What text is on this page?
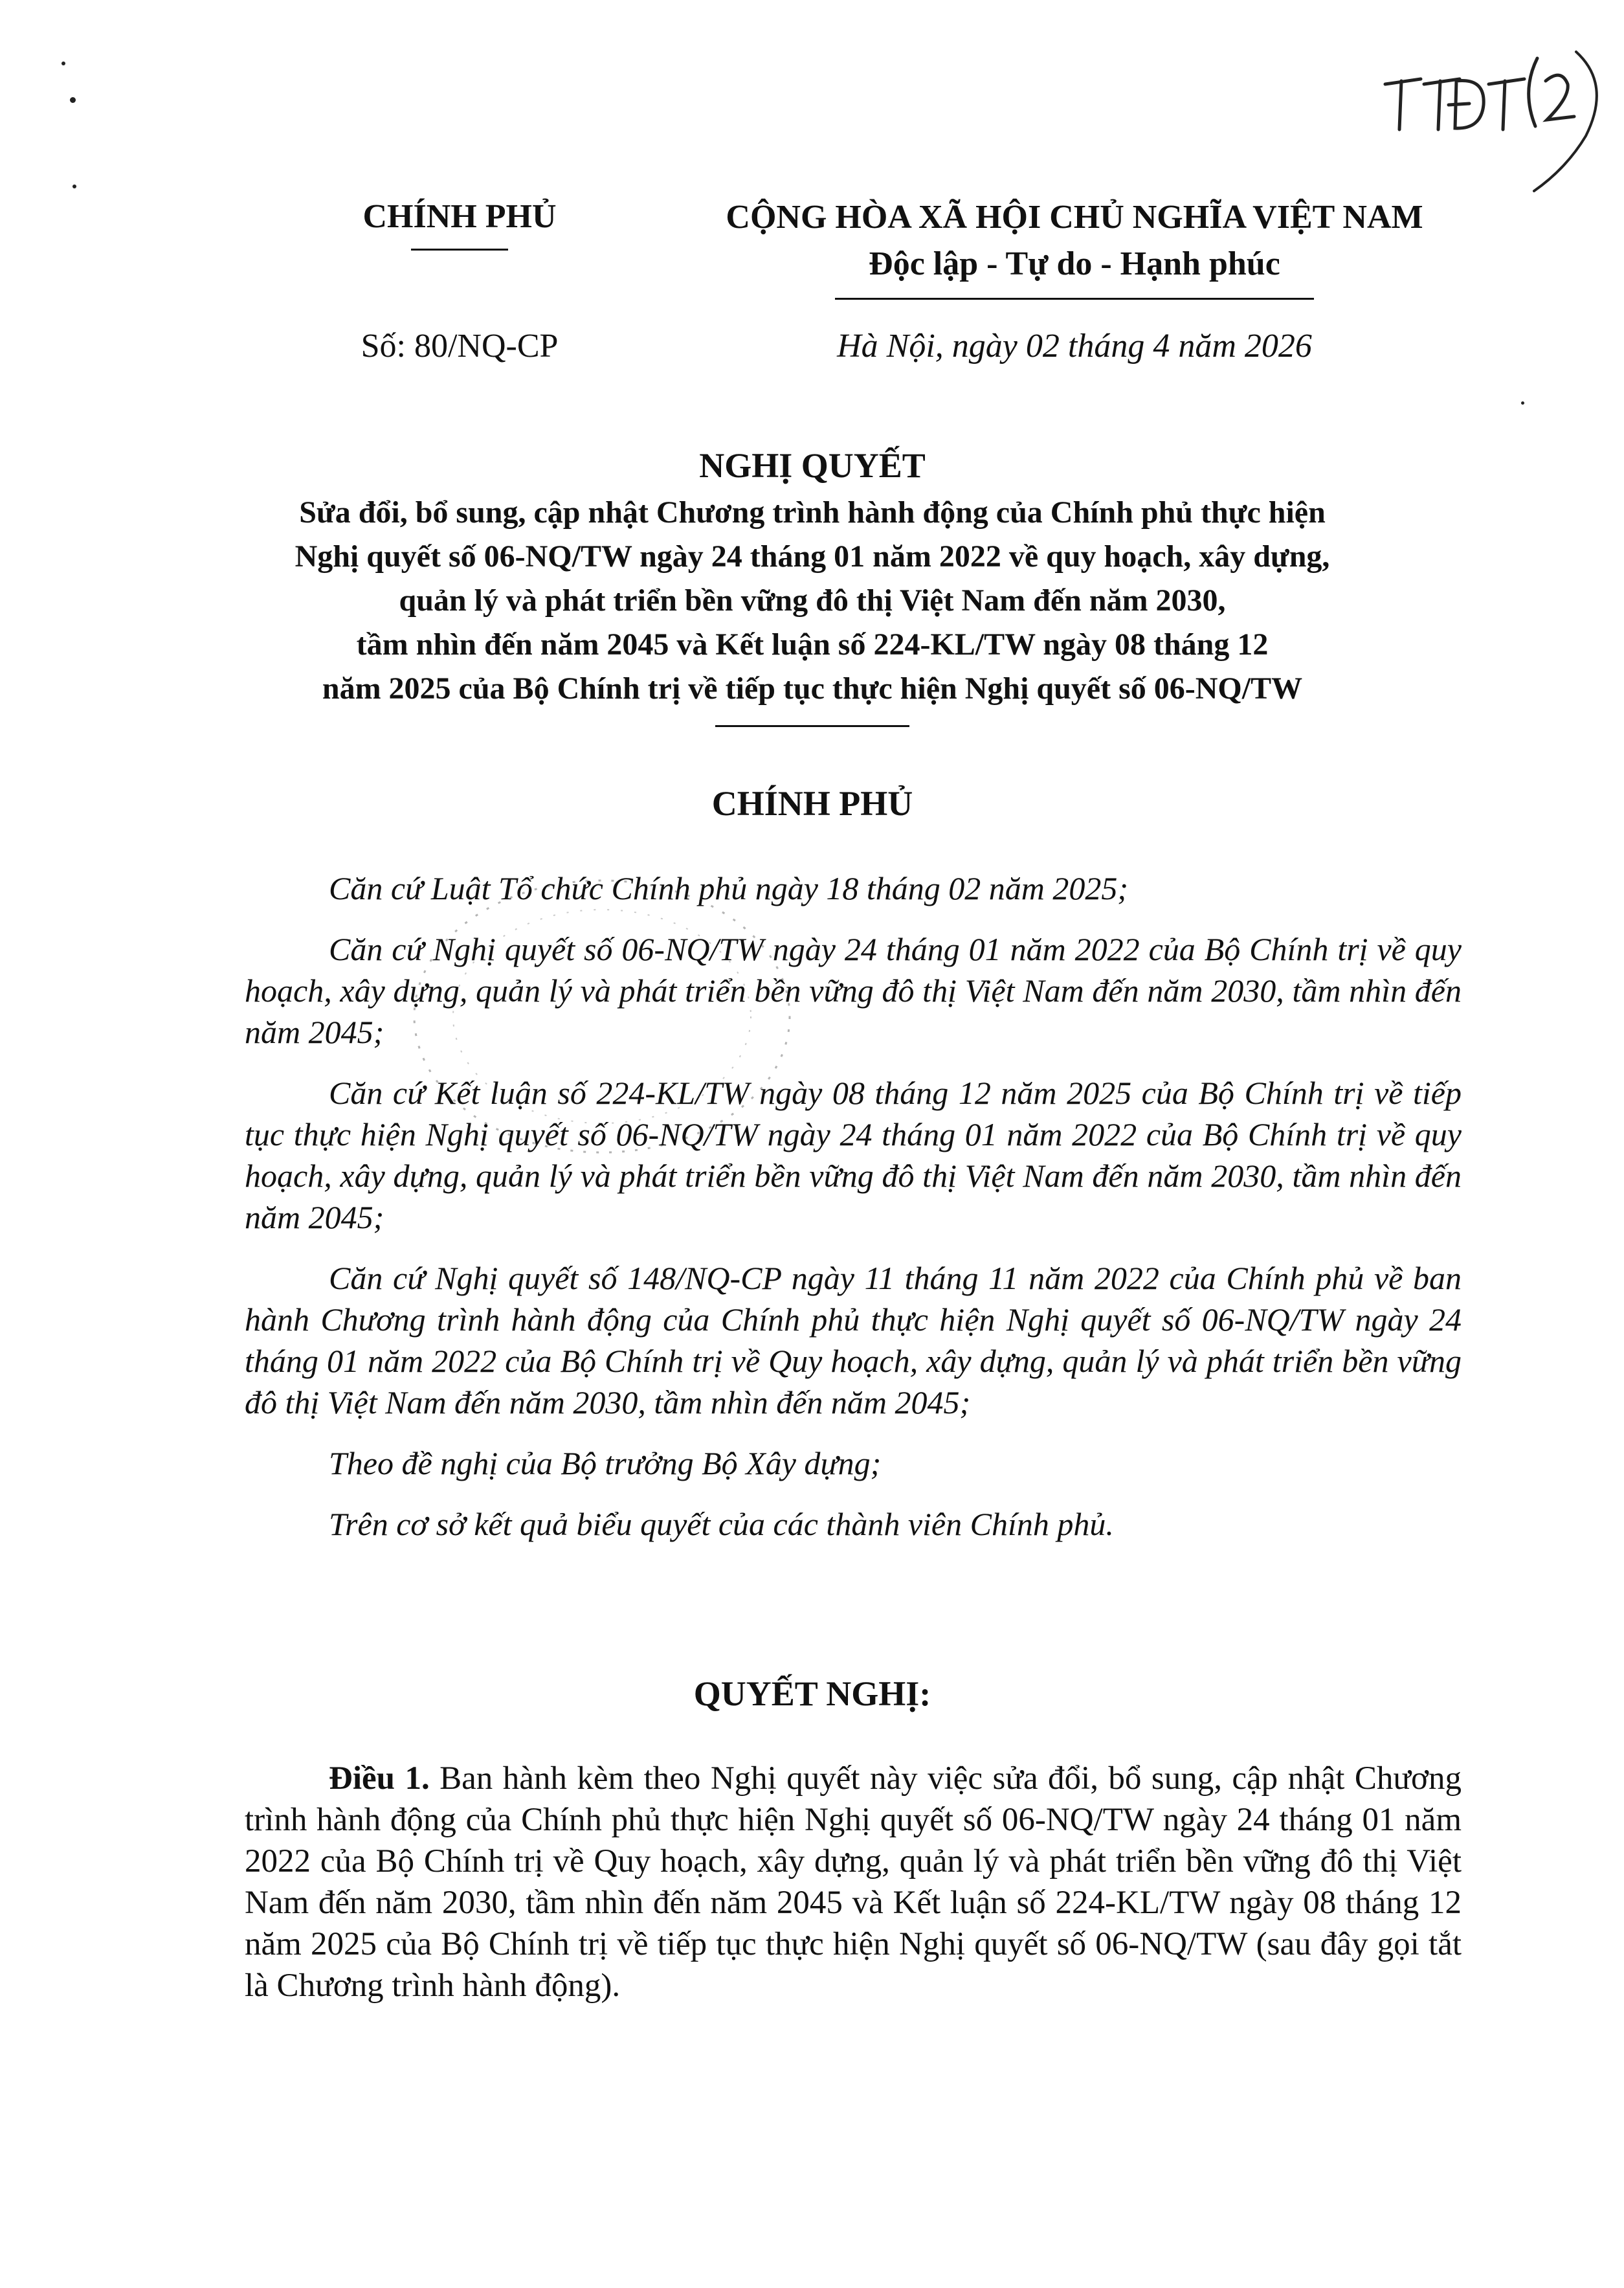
CHÍNH PHỦ	CỘNG HÒA XÃ HỘI CHỦ NGHĨA VIỆT NAM
Độc lập - Tự do - Hạnh phúc
Số: 80/NQ-CP	Hà Nội, ngày 02 tháng 4 năm 2026
NGHỊ QUYẾT
Sửa đổi, bổ sung, cập nhật Chương trình hành động của Chính phủ thực hiện
Nghị quyết số 06-NQ/TW ngày 24 tháng 01 năm 2022 về quy hoạch, xây dựng,
quản lý và phát triển bền vững đô thị Việt Nam đến năm 2030,
tầm nhìn đến năm 2045 và Kết luận số 224-KL/TW ngày 08 tháng 12
năm 2025 của Bộ Chính trị về tiếp tục thực hiện Nghị quyết số 06-NQ/TW
CHÍNH PHỦ

Căn cứ Luật Tổ chức Chính phủ ngày 18 tháng 02 năm 2025;

Căn cứ Nghị quyết số 06-NQ/TW ngày 24 tháng 01 năm 2022 của Bộ Chính trị về quy hoạch, xây dựng, quản lý và phát triển bền vững đô thị Việt Nam đến năm 2030, tầm nhìn đến năm 2045;

Căn cứ Kết luận số 224-KL/TW ngày 08 tháng 12 năm 2025 của Bộ Chính trị về tiếp tục thực hiện Nghị quyết số 06-NQ/TW ngày 24 tháng 01 năm 2022 của Bộ Chính trị về quy hoạch, xây dựng, quản lý và phát triển bền vững đô thị Việt Nam đến năm 2030, tầm nhìn đến năm 2045;

Căn cứ Nghị quyết số 148/NQ-CP ngày 11 tháng 11 năm 2022 của Chính phủ về ban hành Chương trình hành động của Chính phủ thực hiện Nghị quyết số 06-NQ/TW ngày 24 tháng 01 năm 2022 của Bộ Chính trị về Quy hoạch, xây dựng, quản lý và phát triển bền vững đô thị Việt Nam đến năm 2030, tầm nhìn đến năm 2045;

Theo đề nghị của Bộ trưởng Bộ Xây dựng;

Trên cơ sở kết quả biểu quyết của các thành viên Chính phủ.

QUYẾT NGHỊ:

Điều 1. Ban hành kèm theo Nghị quyết này việc sửa đổi, bổ sung, cập nhật Chương trình hành động của Chính phủ thực hiện Nghị quyết số 06-NQ/TW ngày 24 tháng 01 năm 2022 của Bộ Chính trị về Quy hoạch, xây dựng, quản lý và phát triển bền vững đô thị Việt Nam đến năm 2030, tầm nhìn đến năm 2045 và Kết luận số 224-KL/TW ngày 08 tháng 12 năm 2025 của Bộ Chính trị về tiếp tục thực hiện Nghị quyết số 06-NQ/TW (sau đây gọi tắt là Chương trình hành động).
